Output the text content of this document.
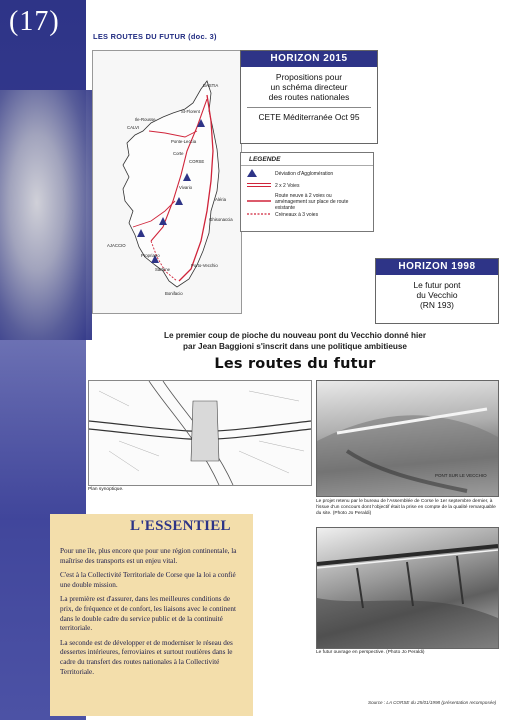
(17)	LES ROUTES DU FUTUR (doc. 3)
BASTIA
CALVI
CORSE
AJACCIO
Bonifacio
Porto-Vecchio
Aléria
Ghisonaccia
Corte
Sartène
Propriano
Vivario
Ile-Rousse
St-Florent
Ponte-Leccia
HORIZON 2015
Propositions pour
un schéma directeur
des routes nationales
CETE Méditerranée Oct 95
LEGENDE
Déviation d'Agglomération
2 x 2 Voies
Route neuve à 2 voies ou aménagement sur place de route existante
Créneaux à 3 voies
HORIZON 1998
Le futur pont
du Vecchio
(RN 193)
Le premier coup de pioche du nouveau pont du Vecchio donné hier
par Jean Baggioni s'inscrit dans une politique ambitieuse
Les routes du futur
Plan synoptique.
PONT SUR LE VECCHIO
Le projet retenu par le bureau de l'Assemblée de Corse le 1er septembre dernier, à l'issue d'un concours dont l'objectif était la prise en compte de la qualité remarquable du site. (Photo Jo Peraldi)
Le futur ouvrage en perspective. (Photo Jo Peraldi)
L'ESSENTIEL

Pour une île, plus encore que pour une région continentale, la maîtrise des transports est un enjeu vital.

C'est à la Collectivité Territoriale de Corse que la loi a confié une double mission.

La première est d'assurer, dans les meilleures conditions de prix, de fréquence et de confort, les liaisons avec le continent dans le double cadre du service public et de la continuité territoriale.

La seconde est de développer et de moderniser le réseau des dessertes intérieures, ferroviaires et surtout routières dans le cadre du transfert des routes nationales à la Collectivité Territoriale.

Source : LA CORSE du 25/01/1998 (présentation recomposée)
